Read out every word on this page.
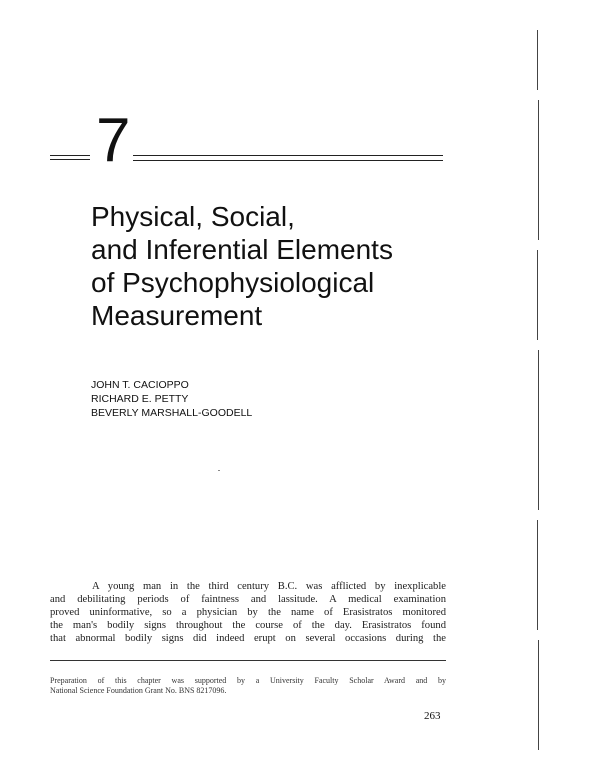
7
Physical, Social,
and Inferential Elements
of Psychophysiological
Measurement
JOHN T. CACIOPPO
RICHARD E. PETTY
BEVERLY MARSHALL-GOODELL
A young man in the third century B.C. was afflicted by inexplicable
and debilitating periods of faintness and lassitude. A medical examination
proved uninformative, so a physician by the name of Erasistratos monitored
the man's bodily signs throughout the course of the day. Erasistratos found
that abnormal bodily signs did indeed erupt on several occasions during the
Preparation of this chapter was supported by a University Faculty Scholar Award and by
National Science Foundation Grant No. BNS 8217096.
263
